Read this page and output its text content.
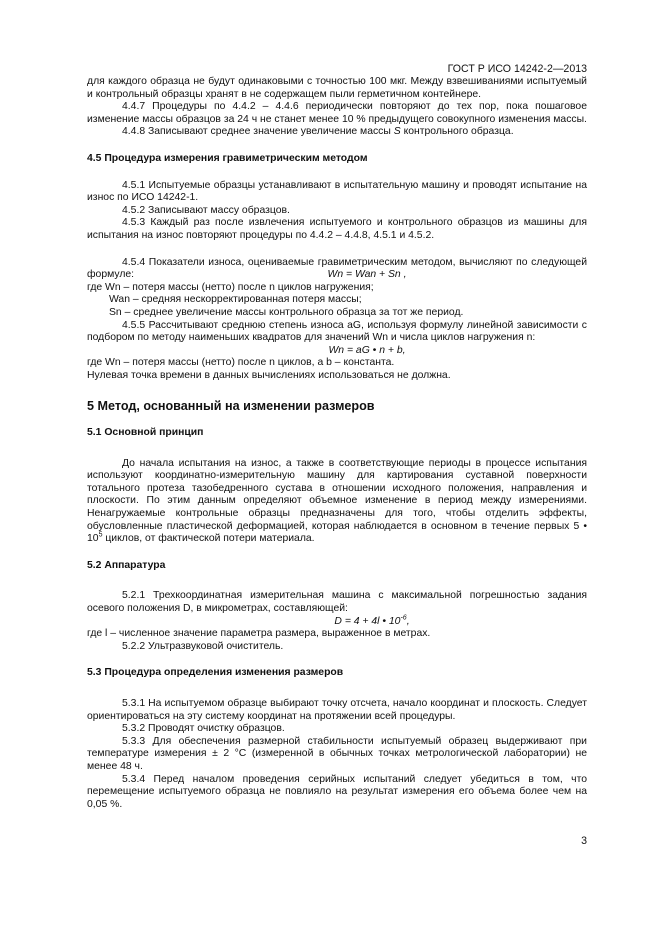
ГОСТ Р ИСО 14242-2—2013

для каждого образца не будут одинаковыми с точностью 100 мкг. Между взвешиваниями испытуемый и контрольный образцы хранят в не содержащем пыли герметичном контейнере.

4.4.7 Процедуры по 4.4.2 – 4.4.6 периодически повторяют до тех пор, пока пошаговое изменение массы образцов за 24 ч не станет менее 10 % предыдущего совокупного изменения массы.

4.4.8 Записывают среднее значение увеличение массы S контрольного образца.

4.5 Процедура измерения гравиметрическим методом

4.5.1 Испытуемые образцы устанавливают в испытательную машину и проводят испытание на износ по ИСО 14242-1.

4.5.2 Записывают массу образцов.

4.5.3 Каждый раз после извлечения испытуемого и контрольного образцов из машины для испытания на износ повторяют процедуры по 4.4.2 – 4.4.8, 4.5.1 и 4.5.2.

4.5.4 Показатели износа, оцениваемые гравиметрическим методом, вычисляют по следующей формуле:	Wn = Wan + Sn ,

где Wn – потеря массы (нетто) после n циклов нагружения;

Wan – средняя нескорректированная потеря массы;

Sn – среднее увеличение массы контрольного образца за тот же период.

4.5.5 Рассчитывают среднюю степень износа aG, используя формулу линейной зависимости с подбором по методу наименьших квадратов для значений Wn и числа циклов нагружения n:

Wn = aG • n + b,

где Wn – потеря массы (нетто) после n циклов, a b – константа.

Нулевая точка времени в данных вычислениях использоваться не должна.

5 Метод, основанный на изменении размеров

5.1 Основной принцип

До начала испытания на износ, а также в соответствующие периоды в процессе испытания используют координатно-измерительную машину для картирования суставной поверхности тотального протеза тазобедренного сустава в отношении исходного положения, направления и плоскости. По этим данным определяют объемное изменение в период между измерениями. Ненагружаемые контрольные образцы предназначены для того, чтобы отделить эффекты, обусловленные пластической деформацией, которая наблюдается в основном в течение первых 5 • $10^5$ циклов, от фактической потери материала.

5.2 Аппаратура

5.2.1 Трехкоординатная измерительная машина с максимальной погрешностью задания осевого положения D, в микрометрах, составляющей:

D = 4 + 4l • $10^{-6}$,

где l – численное значение параметра размера, выраженное в метрах.

5.2.2 Ультразвуковой очиститель.

5.3 Процедура определения изменения размеров

5.3.1 На испытуемом образце выбирают точку отсчета, начало координат и плоскость. Следует ориентироваться на эту систему координат на протяжении всей процедуры.

5.3.2 Проводят очистку образцов.

5.3.3 Для обеспечения размерной стабильности испытуемый образец выдерживают при температуре измерения ± 2 °С (измеренной в обычных точках метрологической лаборатории) не менее 48 ч.

5.3.4 Перед началом проведения серийных испытаний следует убедиться в том, что перемещение испытуемого образца не повлияло на результат измерения его объема более чем на 0,05 %.

3
